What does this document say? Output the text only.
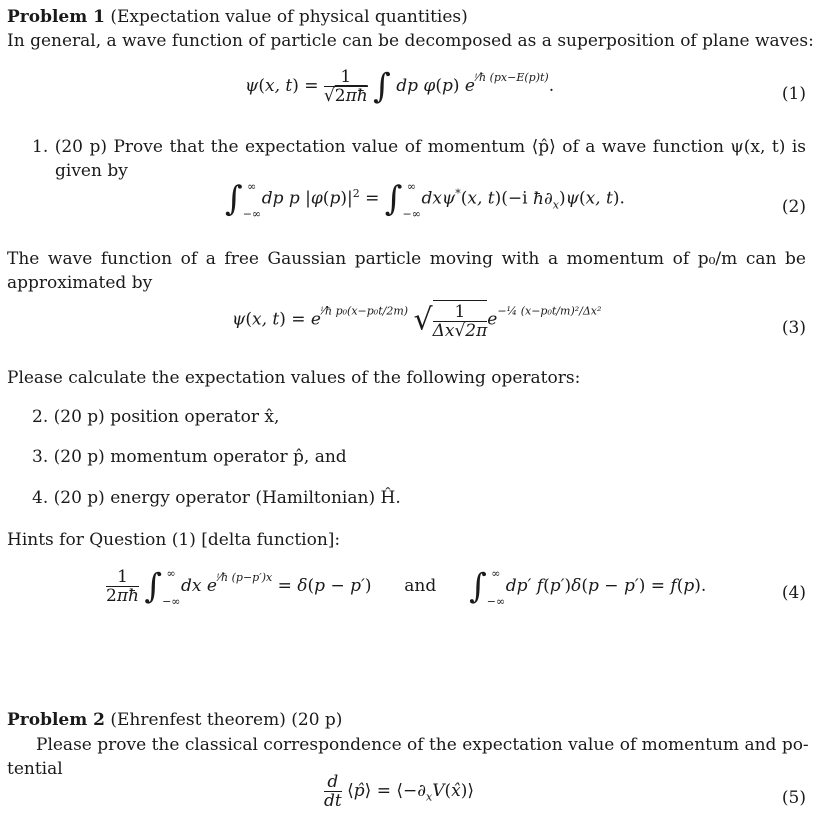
Problem 1 (Expectation value of physical quantities)
In general, a wave function of particle can be decomposed as a superposition of plane waves:
ψ(x, $t) = \frac{1}{√2\pi ħ}$ ∫ dp φ(p) $e^{^i⁄ħ (px-E(p)t)}$.	(1)
1. (20 p) Prove that the expectation value of momentum ⟨p̂⟩ of a wave function ψ(x, t) is
given by
$\int_{-\infty}^\infty$ dp p $|\varphi(p)|^2 = \int_{-\infty}^\infty$ dxψ*(x, t)(−i $ħ\partial_x)\psi(x$, t).	(2)
The wave function of a free Gaussian particle moving with a momentum of p₀/m can be
approximated by
ψ(x, $t) = e^{^i⁄ħ p_0(x-p_0t/2m)}$ √ $\frac{1}{\Delta x√2\pi} e^{-\frac{1}{4} (x-p_0t/m)^2/\Delta x^2}$
(3)
Please calculate the expectation values of the following operators:
2. (20 p) position operator x̂,
3. (20 p) momentum operator p̂, and
4. (20 p) energy operator (Hamiltonian) Ĥ.
Hints for Question (1) [delta function]:
$\frac{1}{2\pi ħ} \int_{-\infty}^\infty$ dx $e^{^i⁄ħ (p-p')x} = \delta(p - p')$  and $\int_{-\infty}^\infty$ dp′ f(p′)δ(p − p′) = f(p).	(4)
Problem 2 (Ehrenfest theorem) (20 p)
Please prove the classical correspondence of the expectation value of momentum and po-
tential
$\frac{d}{dt}$ ⟨p̂⟩ = $⟨-\partial_xV(x̂)⟩$	(5)
